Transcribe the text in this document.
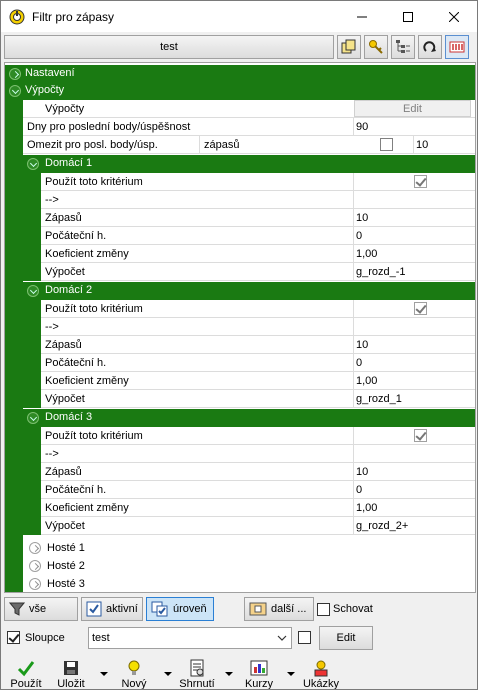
Filtr pro zápasy
test
Nastavení
Výpočty
Výpočty	Edit
Dny pro poslední body/úspěšnost	90
Omezit pro posl. body/úsp.	zápasů	10
Domácí 1
Domácí 2
Domácí 3
Použít toto kritérium
-->
Zápasů	10
Počáteční h.	0
Koeficient změny	1,00
Výpočet	g_rozd_-1
Použít toto kritérium
-->
Zápasů	10
Počáteční h.	0
Koeficient změny	1,00
Výpočet	g_rozd_1
Použít toto kritérium
-->
Zápasů	10
Počáteční h.	0
Koeficient změny	1,00
Výpočet	g_rozd_2+
Hosté 1
Hosté 2
Hosté 3
vše	aktivní	úroveň	další ... Schovat
Sloupce	test	Edit
Použít	Uložit	Nový	Shrnutí	Kurzy	Ukázky
